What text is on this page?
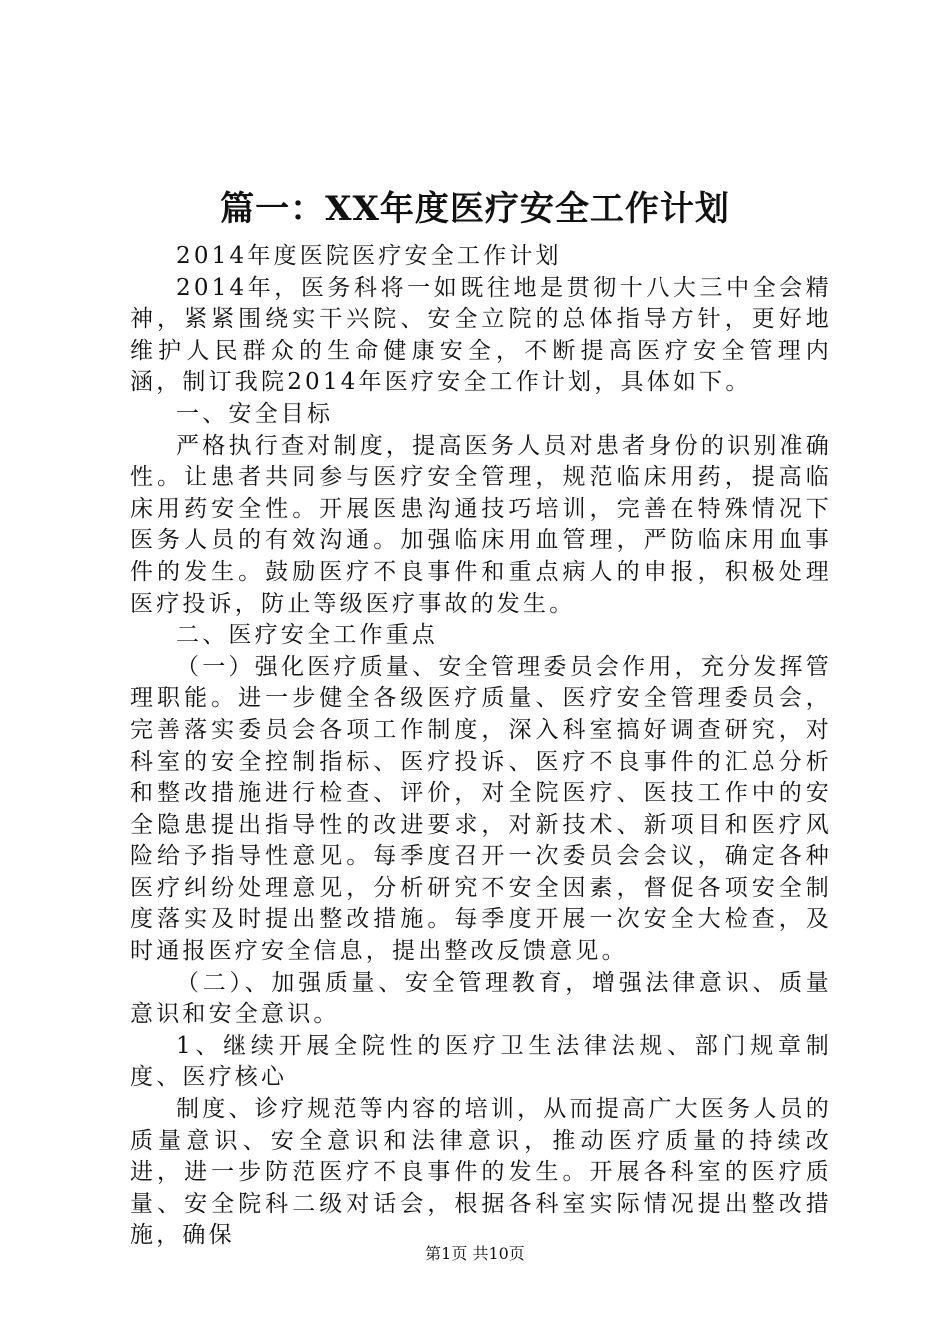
篇一：XX年度医疗安全工作计划

2014年度医院医疗安全工作计划

2014年，医务科将一如既往地是贯彻十八大三中全会精神，紧紧围绕实干兴院、安全立院的总体指导方针，更好地维护人民群众的生命健康安全，不断提高医疗安全管理内涵，制订我院2014年医疗安全工作计划，具体如下。

一、安全目标

严格执行查对制度，提高医务人员对患者身份的识别准确性。让患者共同参与医疗安全管理，规范临床用药，提高临床用药安全性。开展医患沟通技巧培训，完善在特殊情况下医务人员的有效沟通。加强临床用血管理，严防临床用血事件的发生。鼓励医疗不良事件和重点病人的申报，积极处理医疗投诉，防止等级医疗事故的发生。

二、医疗安全工作重点

（一）强化医疗质量、安全管理委员会作用，充分发挥管理职能。进一步健全各级医疗质量、医疗安全管理委员会，完善落实委员会各项工作制度，深入科室搞好调查研究，对科室的安全控制指标、医疗投诉、医疗不良事件的汇总分析和整改措施进行检查、评价，对全院医疗、医技工作中的安全隐患提出指导性的改进要求，对新技术、新项目和医疗风险给予指导性意见。每季度召开一次委员会会议，确定各种医疗纠纷处理意见，分析研究不安全因素，督促各项安全制度落实及时提出整改措施。每季度开展一次安全大检查，及时通报医疗安全信息，提出整改反馈意见。

（二）、加强质量、安全管理教育，增强法律意识、质量意识和安全意识。

1、继续开展全院性的医疗卫生法律法规、部门规章制度、医疗核心

制度、诊疗规范等内容的培训，从而提高广大医务人员的质量意识、安全意识和法律意识，推动医疗质量的持续改进，进一步防范医疗不良事件的发生。开展各科室的医疗质量、安全院科二级对话会，根据各科室实际情况提出整改措施，确保

第1页 共10页
